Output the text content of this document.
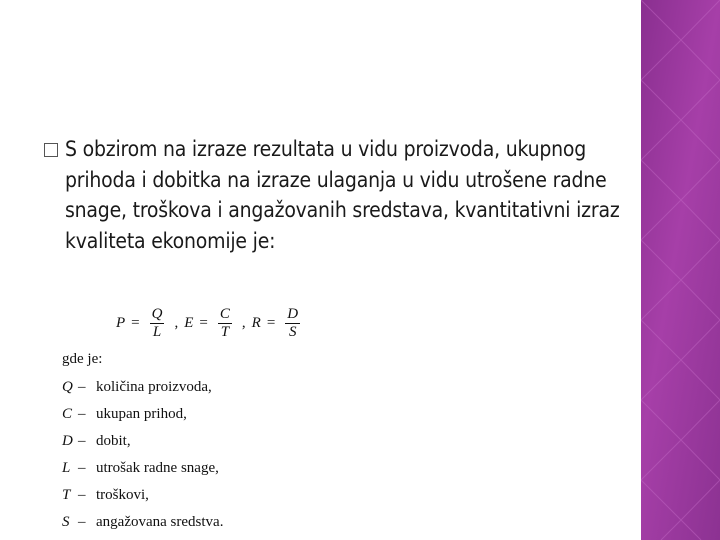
S obzirom na izraze rezultata u vidu proizvoda, ukupnog prihoda i dobitka na izraze ulaganja u vidu utrošene radne snage, troškova i angažovanih sredstava, kvantitativni izraz kvaliteta ekonomije je:
$P = \frac{Q}{L}$ , $E = \frac{C}{T}$ , $R = \frac{D}{S}$
gde je:
Q – količina proizvoda,
C – ukupan prihod,
D – dobit,
L – utrošak radne snage,
T – troškovi,
S – angažovana sredstva.
